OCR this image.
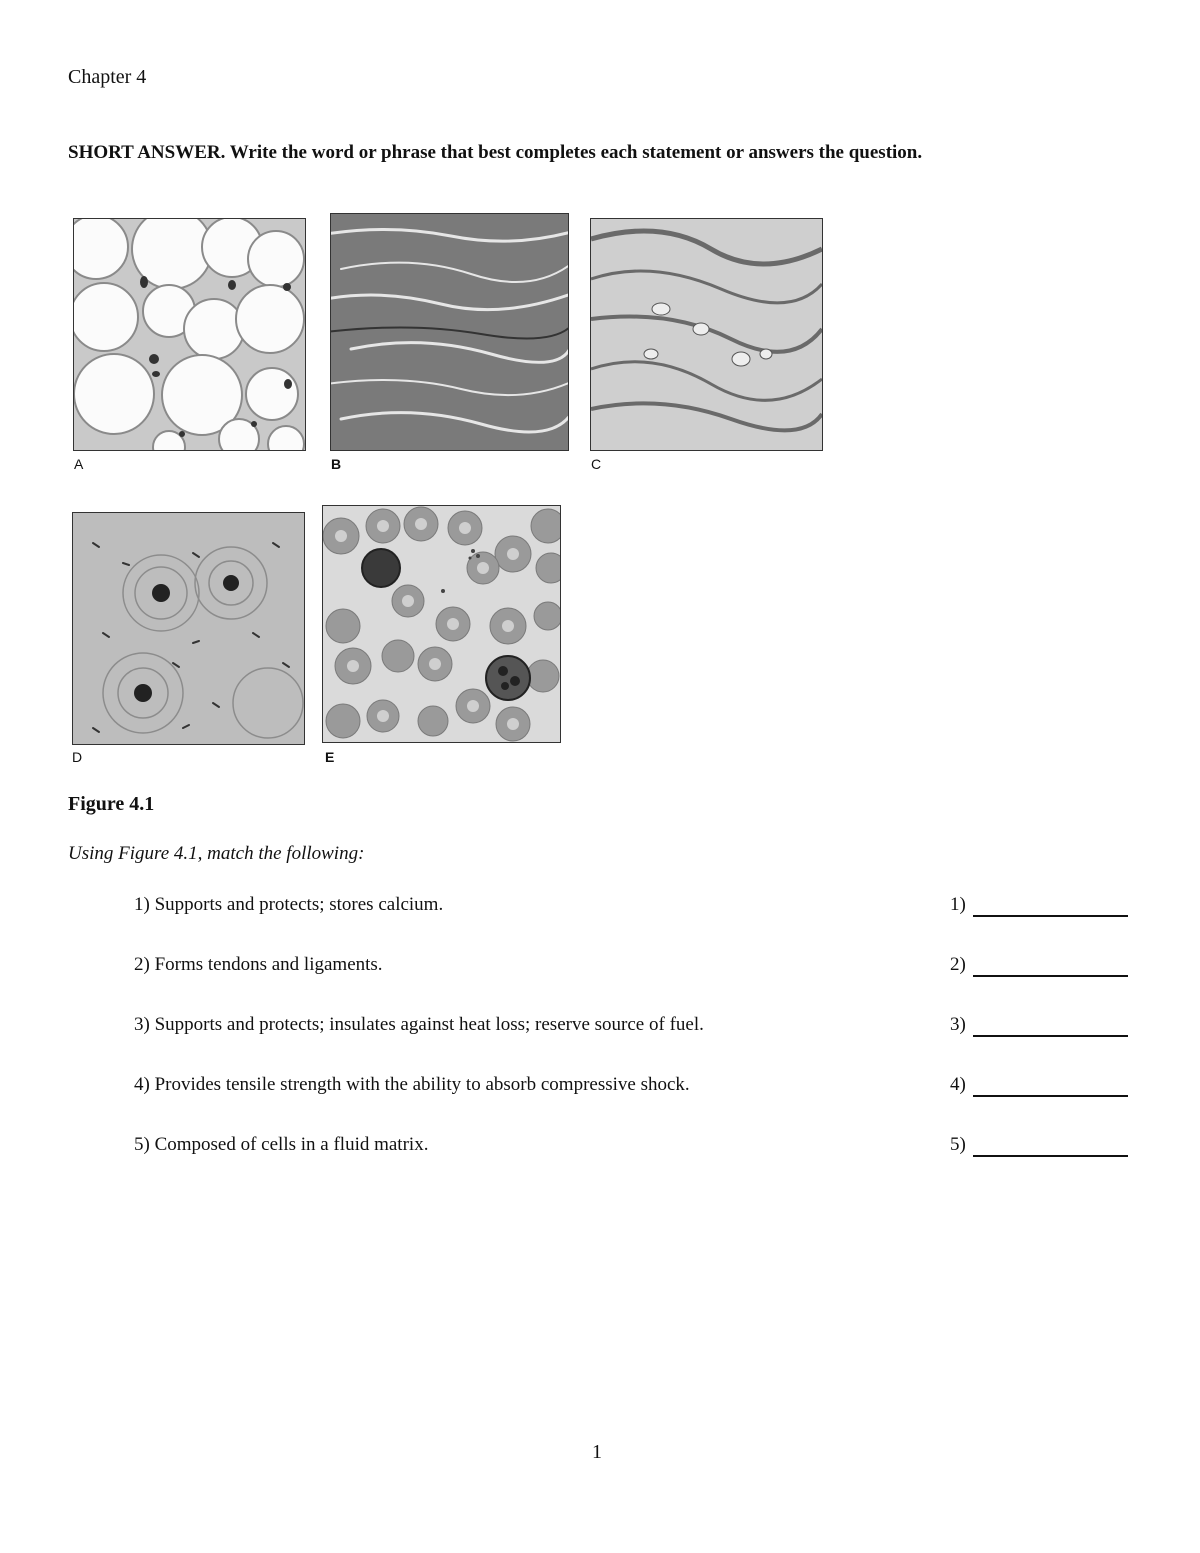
Chapter 4
SHORT ANSWER. Write the word or phrase that best completes each statement or answers the question.
A	B	C
D	E
Figure 4.1
Using Figure 4.1, match the following:
1) Supports and protects; stores calcium.	1)
2) Forms tendons and ligaments.	2)
3) Supports and protects; insulates against heat loss; reserve source of fuel.	3)
4) Provides tensile strength with the ability to absorb compressive shock.	4)
5) Composed of cells in a fluid matrix.	5)
1
